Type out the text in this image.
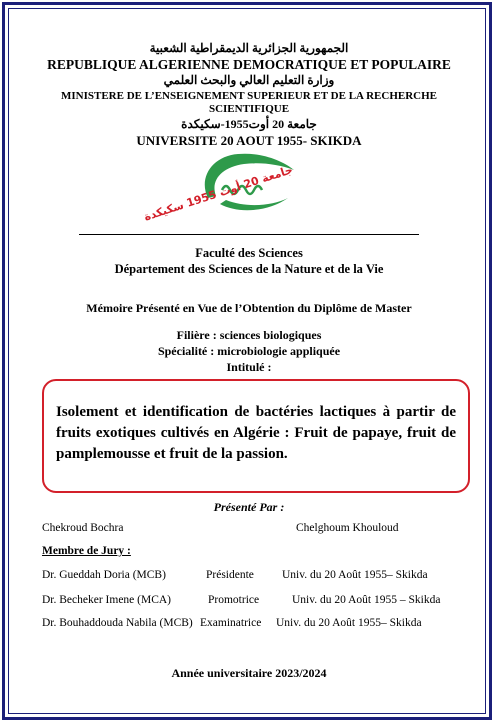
الجمهورية الجزائرية الديمقراطية الشعبية
REPUBLIQUE ALGERIENNE DEMOCRATIQUE ET POPULAIRE
وزارة التعليم العالي والبحث العلمي
MINISTERE DE L’ENSEIGNEMENT SUPERIEUR ET DE LA RECHERCHE
SCIENTIFIQUE
جامعة 20 أوت1955-سكيكدة
UNIVERSITE 20 AOUT 1955- SKIKDA
جامعة 20 أوت 1955 سكيكدة
Faculté des Sciences
Département des Sciences de la Nature et de la Vie
Mémoire Présenté en Vue de l’Obtention du Diplôme de Master
Filière : sciences biologiques
Spécialité : microbiologie appliquée
Intitulé :
Isolement et identification de bactéries lactiques à partir de fruits exotiques cultivés en Algérie : Fruit de papaye, fruit de pamplemousse et fruit de la passion.
Présenté Par :
Chekroud Bochra	Chelghoum Khouloud
Membre de Jury :
Dr. Gueddah Doria (MCB)	Présidente Univ. du 20 Août 1955– Skikda
Dr. Becheker Imene (MCA)	Promotrice	Univ. du 20 Août 1955 – Skikda
Dr. Bouhaddouda Nabila (MCB) Examinatrice Univ. du 20 Août 1955– Skikda
Année universitaire 2023/2024
